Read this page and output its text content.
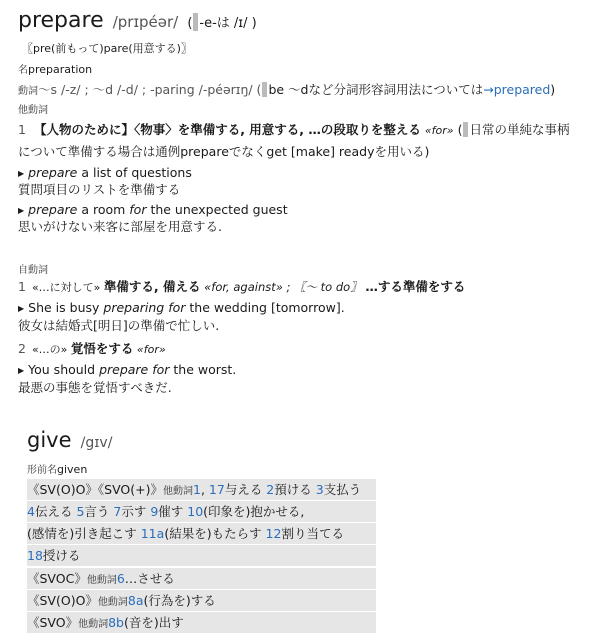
prepare /prɪpéər/ ( -e-は /ɪ/ )
〖pre(前もって)pare(用意する)〗
名preparation
動詞〜s /-z/ ; 〜d /-d/ ; -paring /-péərɪŋ/ ( be 〜dなど分詞形容詞用法については→prepared)
他動詞
1 【人物のために】〈物事〉を準備する, 用意する, …の段取りを整える «for» ( 日常の単純な事柄
について準備する場合は通例prepareでなくget [make] readyを用いる)
▶ prepare a list of questions
質問項目のリストを準備する
▶ prepare a room for the unexpected guest
思いがけない来客に部屋を用意する.
自動詞
1 «…に対して» 準備する, 備える «for, against» ; 〖〜 to do〗 …する準備をする
▶ She is busy preparing for the wedding [tomorrow].
彼女は結婚式[明日]の準備で忙しい.
2 «…の» 覚悟をする «for»
▶ You should prepare for the worst.
最悪の事態を覚悟すべきだ.
give /gɪv/
形前名given
《SV(O)O》《SVO(+)》他動詞1, 17与える 2預ける 3支払う
4伝える 5言う 7示す 9催す 10(印象を)抱かせる,
(感情を)引き起こす 11a(結果を)もたらす 12割り当てる
18授ける
《SVOC》他動詞6…させる
《SV(O)O》他動詞8a(行為を)する
《SVO》他動詞8b(音を)出す
